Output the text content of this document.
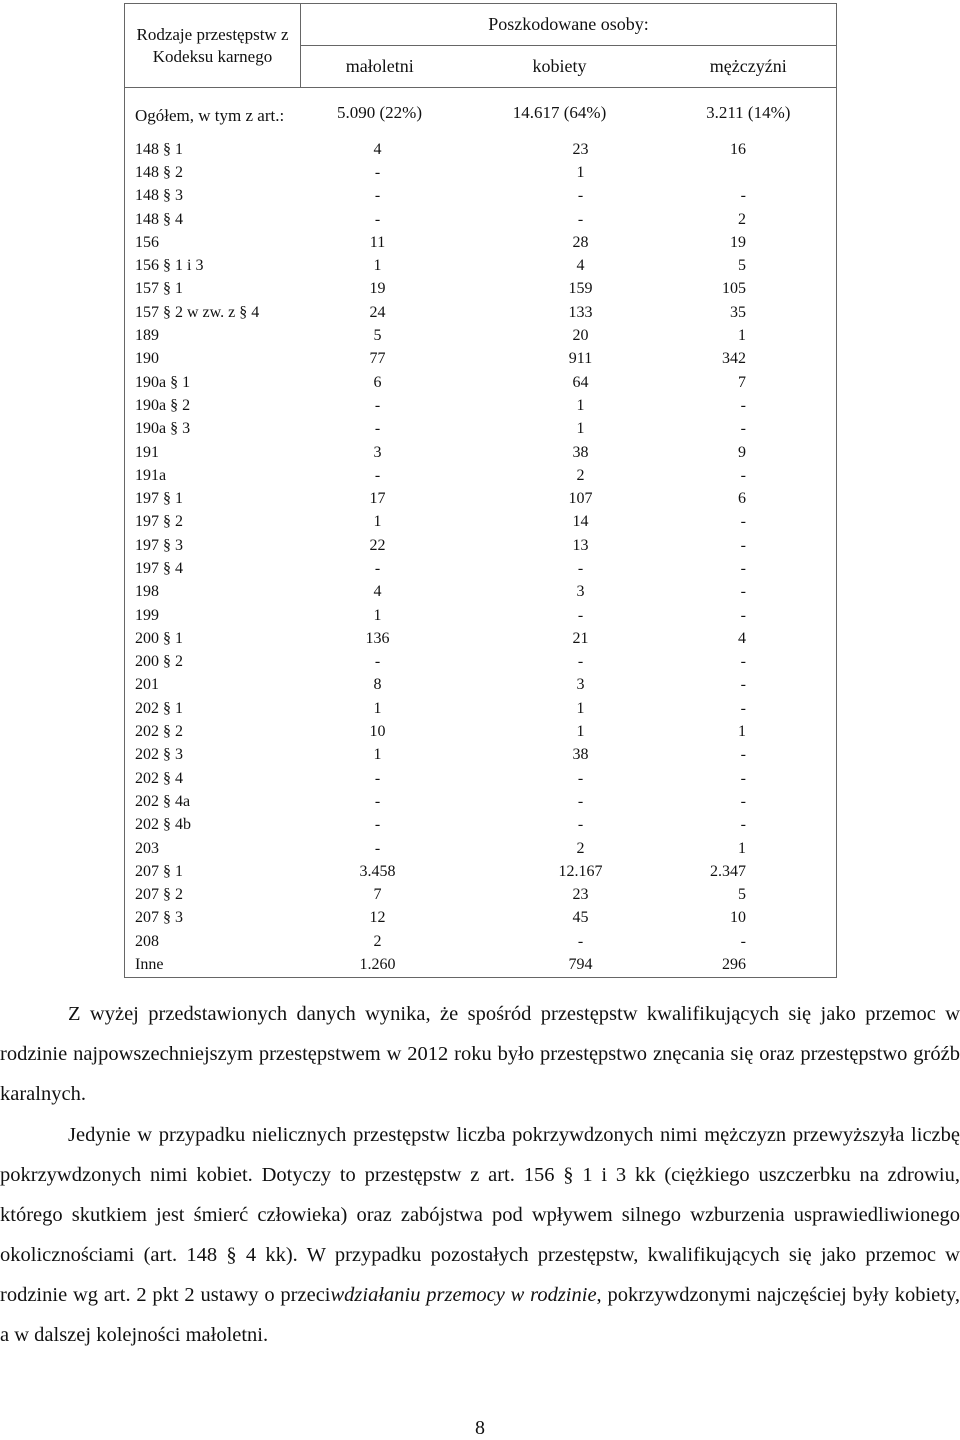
Rodzaje przestępstw z Kodeksu karnego	Poszkodowane osoby:		
	małoletni	kobiety	mężczyźni
Ogółem, w tym z art.:	5.090 (22%)	14.617 (64%)	3.211 (14%)
148 § 1	4	23	16
148 § 2	-	1	
148 § 3	-	-	-
148 § 4	-	-	2
156	11	28	19
156 § 1 i 3	1	4	5
157 § 1	19	159	105
157 § 2 w zw. z § 4	24	133	35
189	5	20	1
190	77	911	342
190a § 1	6	64	7
190a § 2	-	1	-
190a § 3	-	1	-
191	3	38	9
191a	-	2	-
197 § 1	17	107	6
197 § 2	1	14	-
197 § 3	22	13	-
197 § 4	-	-	-
198	4	3	-
199	1	-	-
200 § 1	136	21	4
200 § 2	-	-	-
201	8	3	-
202 § 1	1	1	-
202 § 2	10	1	1
202 § 3	1	38	-
202 § 4	-	-	-
202 § 4a	-	-	-
202 § 4b	-	-	-
203	-	2	1
207 § 1	3.458	12.167	2.347
207 § 2	7	23	5
207 § 3	12	45	10
208	2	-	-
Inne	1.260	794	296

Z wyżej przedstawionych danych wynika, że spośród przestępstw kwalifikujących się jako przemoc w rodzinie najpowszechniejszym przestępstwem w 2012 roku było przestępstwo znęcania się oraz przestępstwo gróźb karalnych.

Jedynie w przypadku nielicznych przestępstw liczba pokrzywdzonych nimi mężczyzn przewyższyła liczbę pokrzywdzonych nimi kobiet. Dotyczy to przestępstw z art. 156 § 1 i 3 kk (ciężkiego uszczerbku na zdrowiu, którego skutkiem jest śmierć człowieka) oraz zabójstwa pod wpływem silnego wzburzenia usprawiedliwionego okolicznościami (art. 148 § 4 kk). W przypadku pozostałych przestępstw, kwalifikujących się jako przemoc w rodzinie wg art. 2 pkt 2 ustawy o przeciwdziałaniu przemocy w rodzinie, pokrzywdzonymi najczęściej były kobiety, a w dalszej kolejności małoletni.

8
